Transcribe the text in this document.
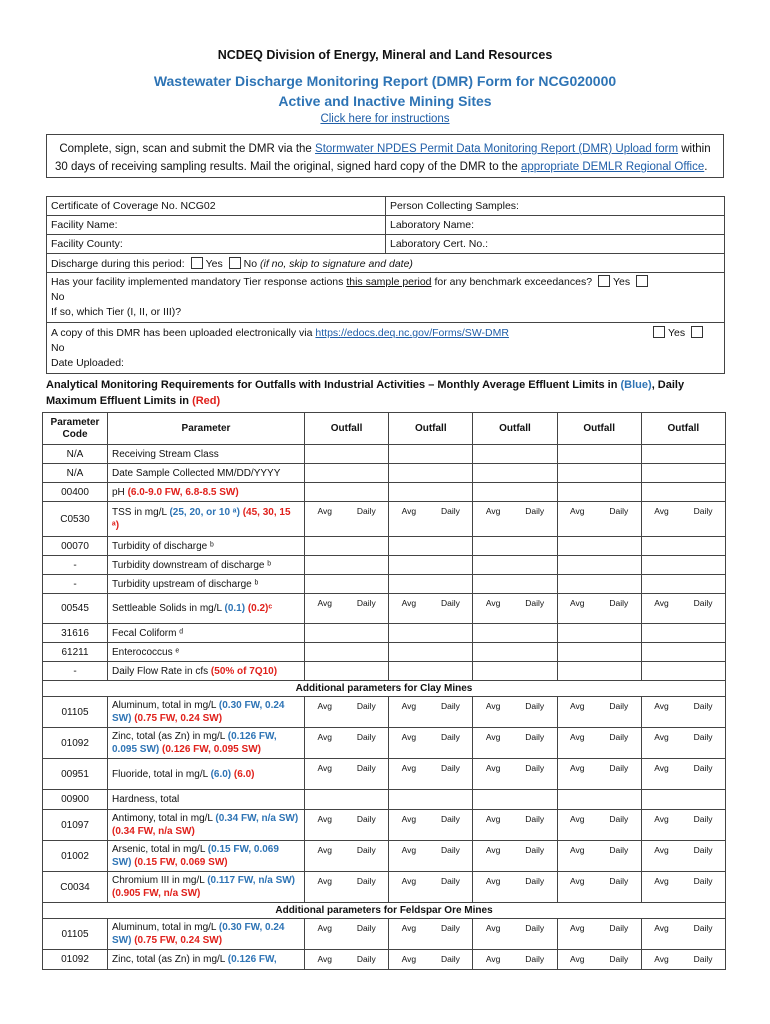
NCDEQ Division of Energy, Mineral and Land Resources
Wastewater Discharge Monitoring Report (DMR) Form for NCG020000
Active and Inactive Mining Sites
Click here for instructions
Complete, sign, scan and submit the DMR via the Stormwater NPDES Permit Data Monitoring Report (DMR) Upload form within
30 days of receiving sampling results. Mail the original, signed hard copy of the DMR to the appropriate DEMLR Regional Office.
Certificate of Coverage No. NCG02	Person Collecting Samples:
Facility Name:	Laboratory Name:
Facility County:	Laboratory Cert. No.:
Discharge during this period: Yes No (if no, skip to signature and date)	

Has your facility implemented mandatory Tier response actions this sample period for any benchmark exceedances? Yes
No
If so, which Tier (I, II, or III)?	

A copy of this DMR has been uploaded electronically via https://edocs.deq.nc.gov/Forms/SW-DMR Yes
No
Date Uploaded:	
Analytical Monitoring Requirements for Outfalls with Industrial Activities – Monthly Average Effluent Limits in (Blue), Daily
Maximum Effluent Limits in (Red)
Parameter Code	Parameter	Outfall	Outfall	Outfall	Outfall	Outfall
N/A	Receiving Stream Class					
N/A	Date Sample Collected MM/DD/YYYY					
00400	pH (6.0-9.0 FW, 6.8-8.5 SW)					
C0530	TSS in mg/L (25, 20, or 10 ᵃ) (45, 30, 15 ᵃ)	Avg Daily	Avg Daily	Avg Daily	Avg Daily	Avg Daily

00070	Turbidity of discharge ᵇ					
-	Turbidity downstream of discharge ᵇ					
-	Turbidity upstream of discharge ᵇ					
00545	Settleable Solids in mg/L (0.1) (0.2)ᶜ	Avg Daily	Avg Daily	Avg Daily	Avg Daily	Avg Daily

31616	Fecal Coliform ᵈ					
61211	Enterococcus ᵉ					
-	Daily Flow Rate in cfs (50% of 7Q10)					
Additional parameters for Clay Mines						
01105	Aluminum, total in mg/L (0.30 FW, 0.24 SW) (0.75 FW, 0.24 SW)	Avg Daily	Avg Daily	Avg Daily	Avg Daily	Avg Daily

01092	Zinc, total (as Zn) in mg/L (0.126 FW, 0.095 SW) (0.126 FW, 0.095 SW)	Avg Daily	Avg Daily	Avg Daily	Avg Daily	Avg Daily

00951	Fluoride, total in mg/L (6.0) (6.0)	Avg Daily	Avg Daily	Avg Daily	Avg Daily	Avg Daily

00900	Hardness, total					
01097	Antimony, total in mg/L (0.34 FW, n/a SW) (0.34 FW, n/a SW)	Avg Daily	Avg Daily	Avg Daily	Avg Daily	Avg Daily

01002	Arsenic, total in mg/L (0.15 FW, 0.069 SW) (0.15 FW, 0.069 SW)	Avg Daily	Avg Daily	Avg Daily	Avg Daily	Avg Daily

C0034	Chromium III in mg/L (0.117 FW, n/a SW) (0.905 FW, n/a SW)	Avg Daily	Avg Daily	Avg Daily	Avg Daily	Avg Daily

Additional parameters for Feldspar Ore Mines						
01105	Aluminum, total in mg/L (0.30 FW, 0.24 SW) (0.75 FW, 0.24 SW)	Avg Daily	Avg Daily	Avg Daily	Avg Daily	Avg Daily

01092	Zinc, total (as Zn) in mg/L (0.126 FW,	Avg Daily	Avg Daily	Avg Daily	Avg Daily	Avg Daily
